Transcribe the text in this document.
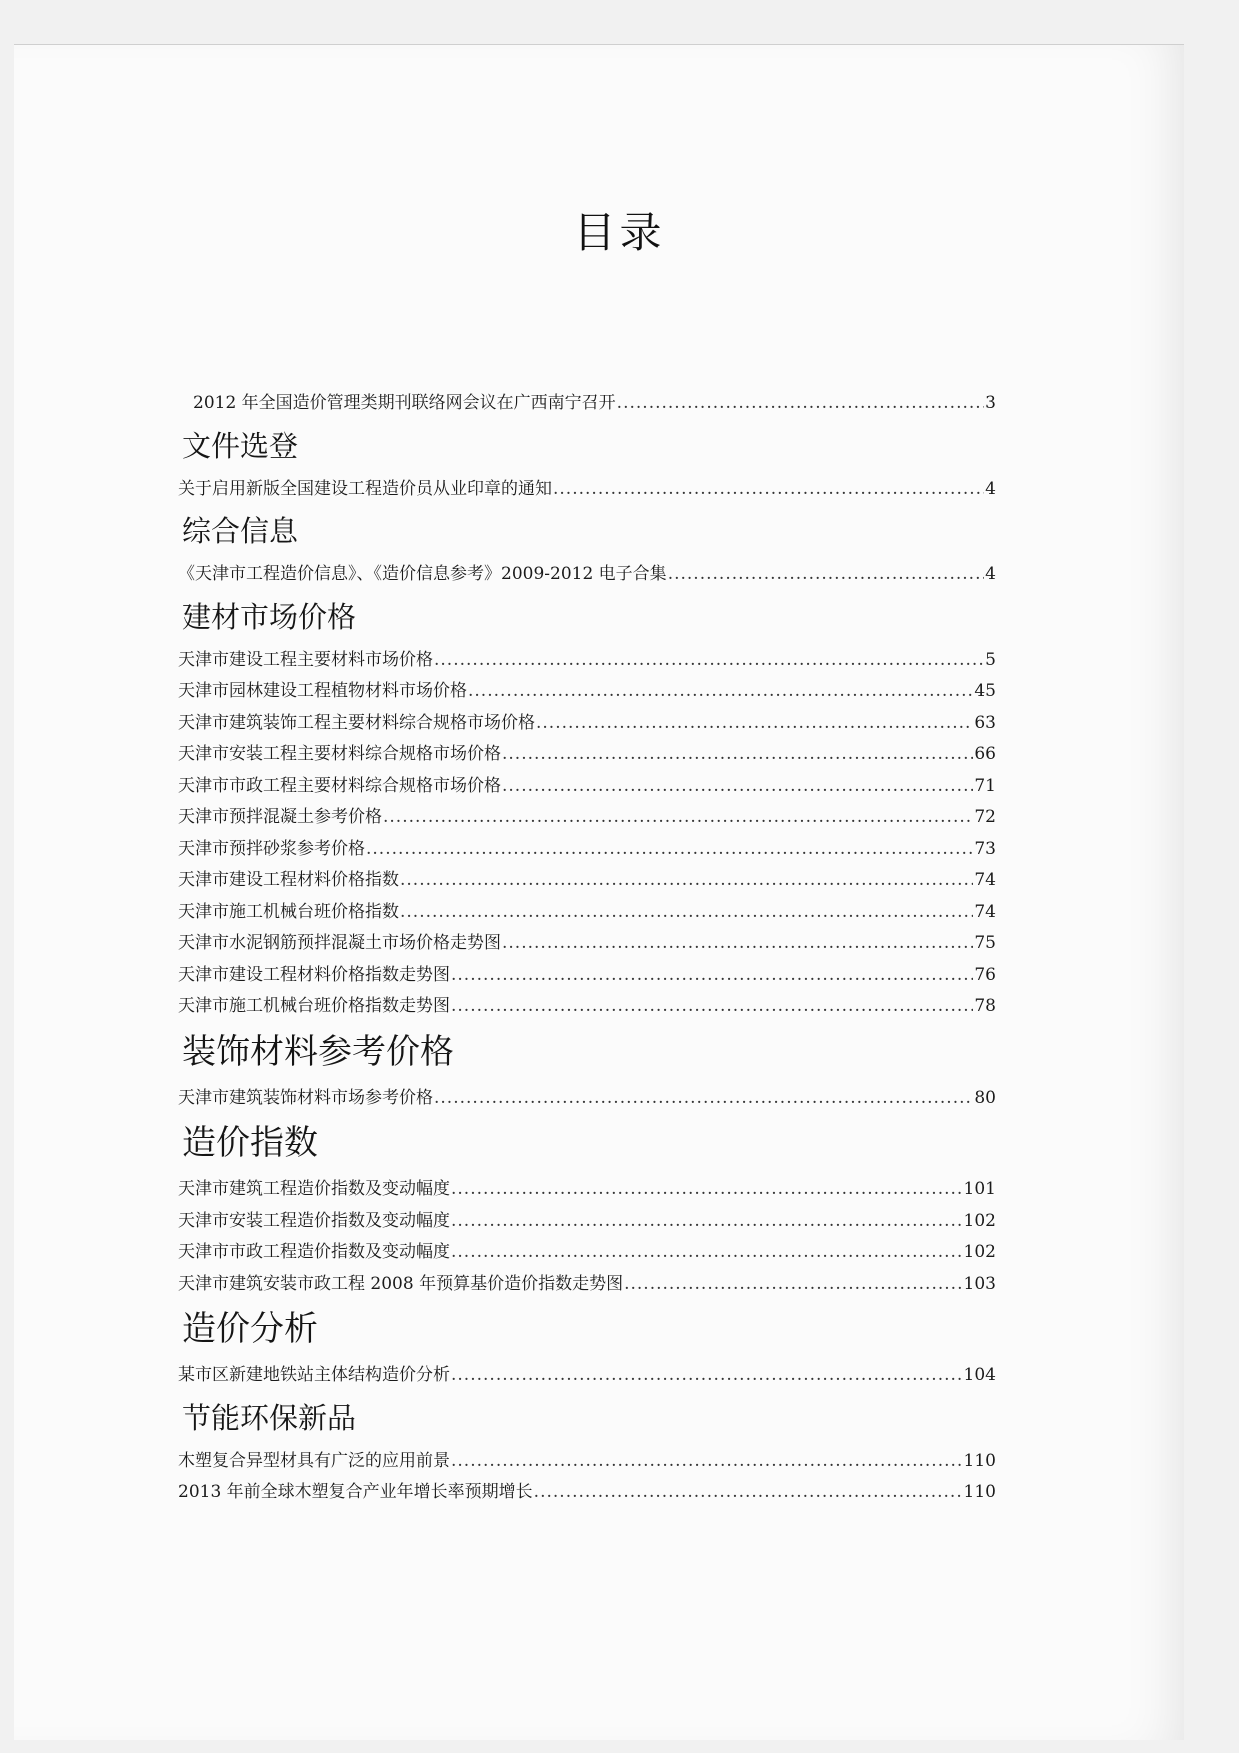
目录
2012 年全国造价管理类期刊联络网会议在广西南宁召开 .....	3
文件选登
关于启用新版全国建设工程造价员从业印章的通知 .....	4
综合信息
《天津市工程造价信息》、《造价信息参考》2009-2012 电子合集 .....	4
建材市场价格
天津市建设工程主要材料市场价格 .....	5
天津市园林建设工程植物材料市场价格 .....	45
天津市建筑装饰工程主要材料综合规格市场价格 .....	63
天津市安装工程主要材料综合规格市场价格 .....	66
天津市市政工程主要材料综合规格市场价格 .....	71
天津市预拌混凝土参考价格 .....	72
天津市预拌砂浆参考价格 .....	73
天津市建设工程材料价格指数 .....	74
天津市施工机械台班价格指数 .....	74
天津市水泥钢筋预拌混凝土市场价格走势图 .....	75
天津市建设工程材料价格指数走势图 .....	76
天津市施工机械台班价格指数走势图 .....	78
装饰材料参考价格
天津市建筑装饰材料市场参考价格 .....	80
造价指数
天津市建筑工程造价指数及变动幅度 .....	101
天津市安装工程造价指数及变动幅度 .....	102
天津市市政工程造价指数及变动幅度 .....	102
天津市建筑安装市政工程 2008 年预算基价造价指数走势图 .....	103
造价分析
某市区新建地铁站主体结构造价分析 .....	104
节能环保新品
木塑复合异型材具有广泛的应用前景 .....	110
2013 年前全球木塑复合产业年增长率预期增长 .....	110
